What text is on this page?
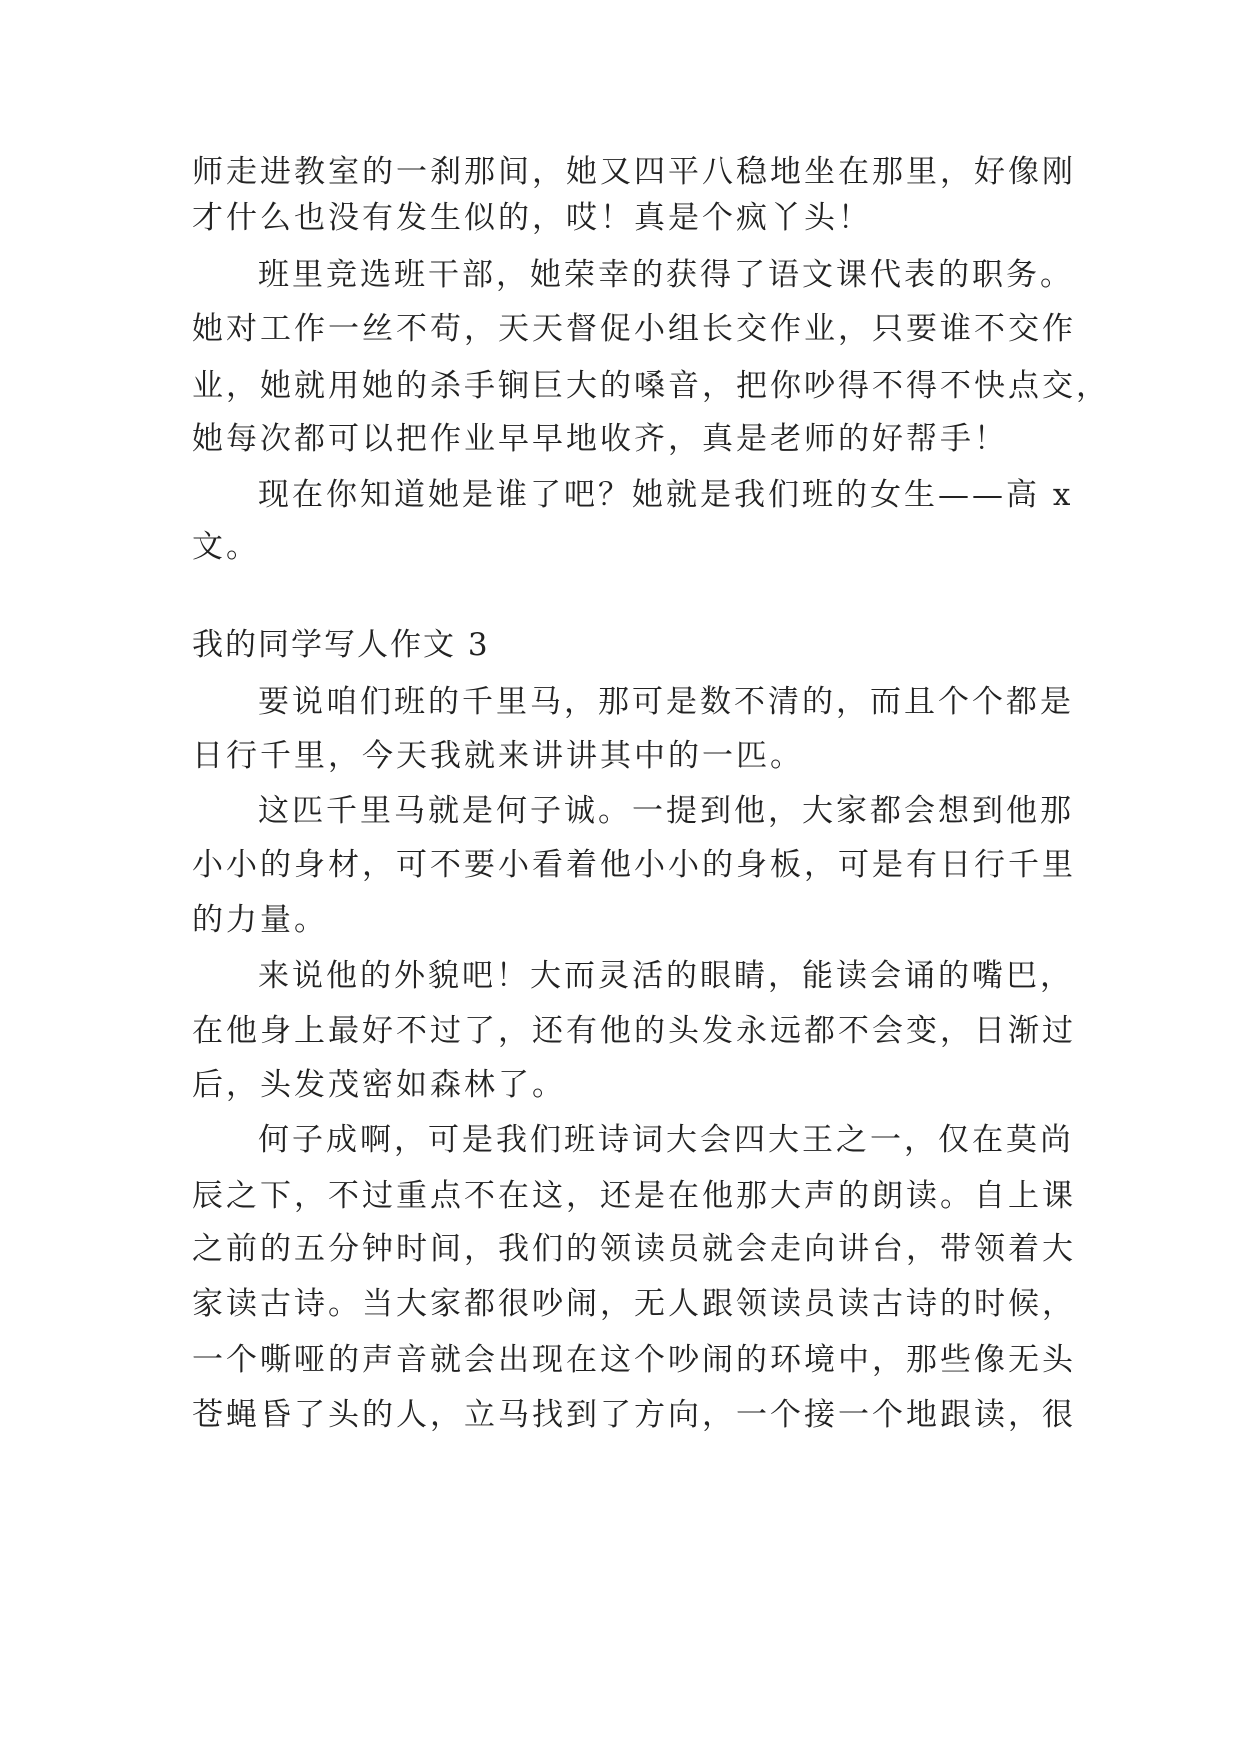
师走进教室的一刹那间，她又四平八稳地坐在那里，好像刚
才什么也没有发生似的，哎！真是个疯丫头！
班里竞选班干部，她荣幸的获得了语文课代表的职务。
她对工作一丝不苟，天天督促小组长交作业，只要谁不交作
业，她就用她的杀手锏巨大的嗓音，把你吵得不得不快点交，
她每次都可以把作业早早地收齐，真是老师的好帮手！
现在你知道她是谁了吧？她就是我们班的女生——高 x
文。
我的同学写人作文 3
要说咱们班的千里马，那可是数不清的，而且个个都是
日行千里，今天我就来讲讲其中的一匹。
这匹千里马就是何子诚。一提到他，大家都会想到他那
小小的身材，可不要小看着他小小的身板，可是有日行千里
的力量。
来说他的外貌吧！大而灵活的眼睛，能读会诵的嘴巴，
在他身上最好不过了，还有他的头发永远都不会变，日渐过
后，头发茂密如森林了。
何子成啊，可是我们班诗词大会四大王之一，仅在莫尚
辰之下，不过重点不在这，还是在他那大声的朗读。自上课
之前的五分钟时间，我们的领读员就会走向讲台，带领着大
家读古诗。当大家都很吵闹，无人跟领读员读古诗的时候，
一个嘶哑的声音就会出现在这个吵闹的环境中，那些像无头
苍蝇昏了头的人，立马找到了方向，一个接一个地跟读，很
